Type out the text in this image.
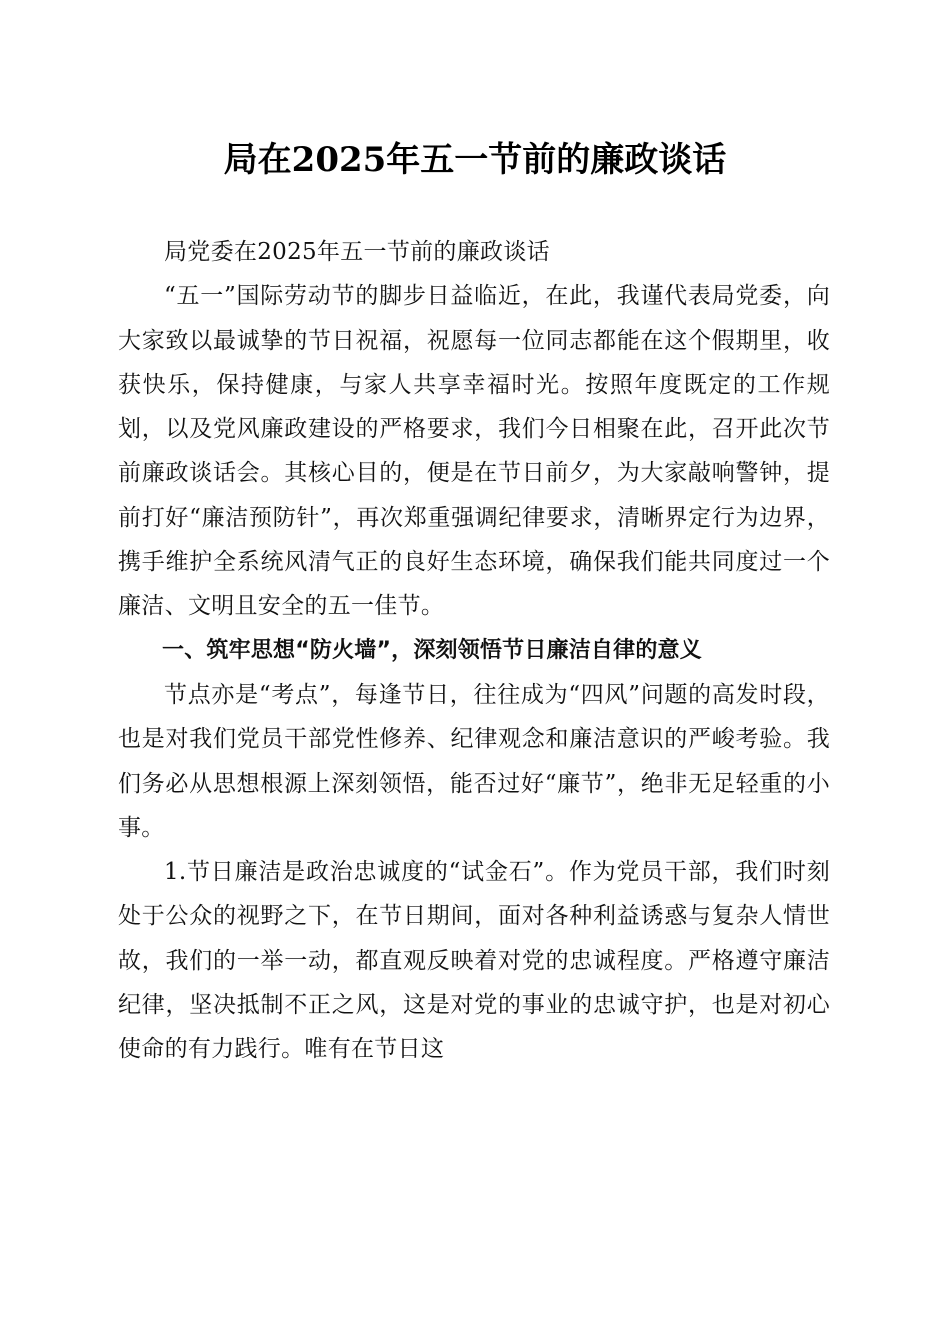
局在2025年五一节前的廉政谈话

局党委在2025年五一节前的廉政谈话

“五一”国际劳动节的脚步日益临近，在此，我谨代表局党委，向大家致以最诚挚的节日祝福，祝愿每一位同志都能在这个假期里，收获快乐，保持健康，与家人共享幸福时光。按照年度既定的工作规划，以及党风廉政建设的严格要求，我们今日相聚在此，召开此次节前廉政谈话会。其核心目的，便是在节日前夕，为大家敲响警钟，提前打好“廉洁预防针”，再次郑重强调纪律要求，清晰界定行为边界，携手维护全系统风清气正的良好生态环境，确保我们能共同度过一个廉洁、文明且安全的五一佳节。

一、筑牢思想“防火墙”，深刻领悟节日廉洁自律的意义

节点亦是“考点”，每逢节日，往往成为“四风”问题的高发时段，也是对我们党员干部党性修养、纪律观念和廉洁意识的严峻考验。我们务必从思想根源上深刻领悟，能否过好“廉节”，绝非无足轻重的小事。

1.节日廉洁是政治忠诚度的“试金石”。作为党员干部，我们时刻处于公众的视野之下，在节日期间，面对各种利益诱惑与复杂人情世故，我们的一举一动，都直观反映着对党的忠诚程度。严格遵守廉洁纪律，坚决抵制不正之风，这是对党的事业的忠诚守护，也是对初心使命的有力践行。唯有在节日这
